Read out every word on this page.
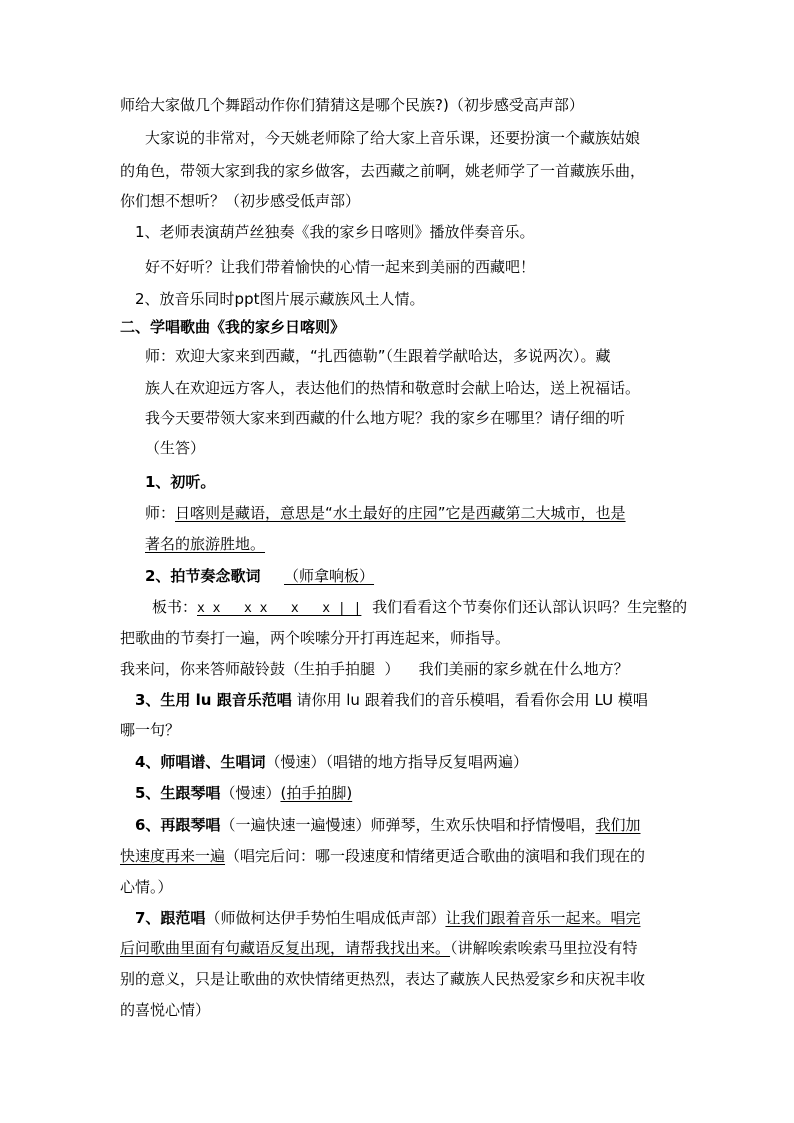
师给大家做几个舞蹈动作你们猜猜这是哪个民族?)（初步感受高声部）
大家说的非常对，今天姚老师除了给大家上音乐课，还要扮演一个藏族姑娘
的角色，带领大家到我的家乡做客，去西藏之前啊，姚老师学了一首藏族乐曲，
你们想不想听？（初步感受低声部）
1、老师表演葫芦丝独奏《我的家乡日喀则》播放伴奏音乐。
好不好听？让我们带着愉快的心情一起来到美丽的西藏吧！
2、放音乐同时ppt图片展示藏族风土人情。
二、学唱歌曲《我的家乡日喀则》
师：欢迎大家来到西藏，“扎西德勒”（生跟着学献哈达，多说两次）。藏
族人在欢迎远方客人，表达他们的热情和敬意时会献上哈达，送上祝福话。
我今天要带领大家来到西藏的什么地方呢？我的家乡在哪里？请仔细的听
（生答）
1、初听。
师：日喀则是藏语，意思是“水土最好的庄园”它是西藏第二大城市，也是
著名的旅游胜地。
2、拍节奏念歌词 （师拿响板）
板书：x x   x x   x   x | | 我们看看这个节奏你们还认部认识吗？生完整的
把歌曲的节奏打一遍，两个唉嗦分开打再连起来，师指导。
我来问，你来答师敲铃鼓（生拍手拍腿  ）    我们美丽的家乡就在什么地方？
3、生用 lu 跟音乐范唱 请你用 lu 跟着我们的音乐模唱，看看你会用 LU 模唱
哪一句？
4、师唱谱、生唱词（慢速）（唱错的地方指导反复唱两遍）
5、生跟琴唱（慢速）(拍手拍脚)
6、再跟琴唱（一遍快速一遍慢速）师弹琴，生欢乐快唱和抒情慢唱，我们加
快速度再来一遍（唱完后问：哪一段速度和情绪更适合歌曲的演唱和我们现在的
心情。）
7、跟范唱（师做柯达伊手势怕生唱成低声部）让我们跟着音乐一起来。唱完
后问歌曲里面有句藏语反复出现，请帮我找出来。（讲解唉索唉索马里拉没有特
别的意义，只是让歌曲的欢快情绪更热烈，表达了藏族人民热爱家乡和庆祝丰收
的喜悦心情）
